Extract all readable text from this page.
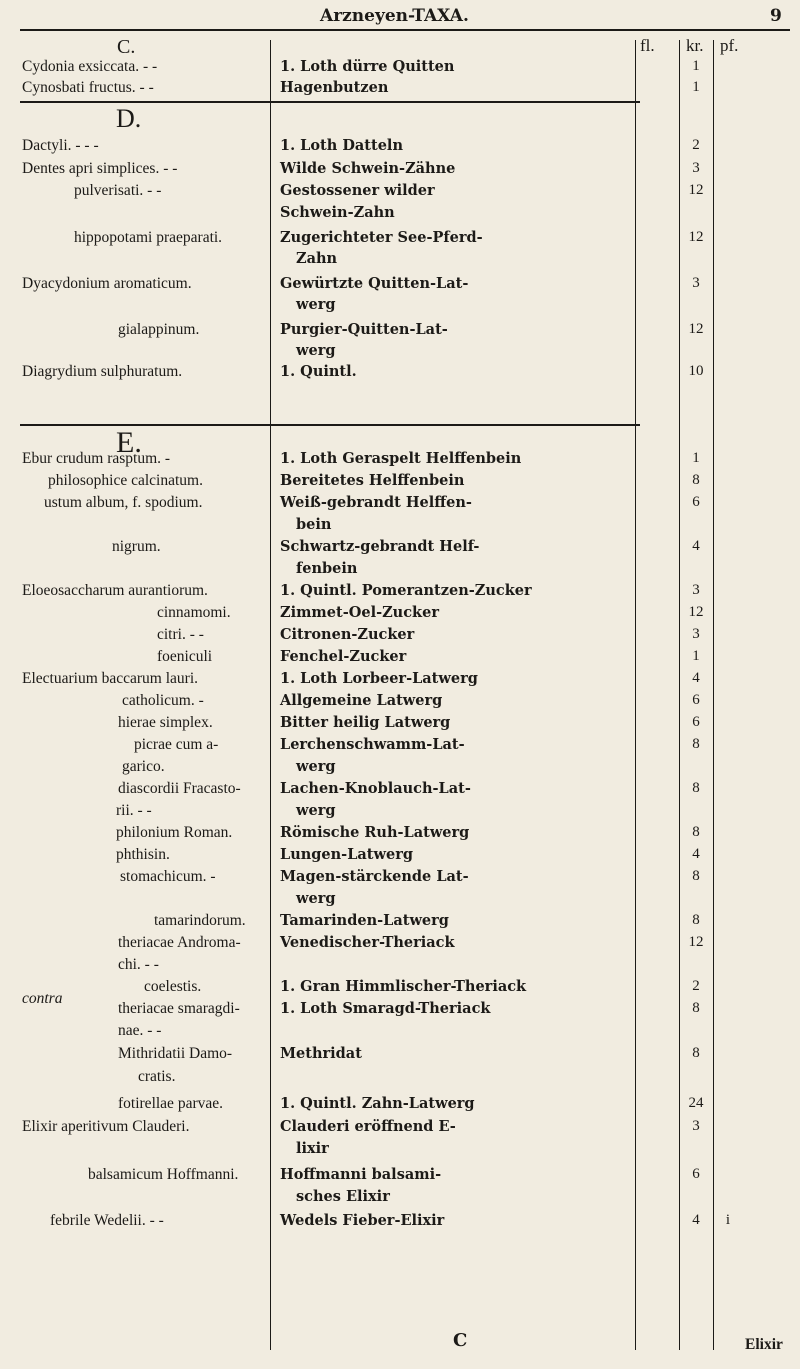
Arzneyen-TAXA.	9
fl. kr. pf.
C.
D.
E.
contra
Cydonia exsiccata. - -	1. Loth dürre Quitten	1
Cynosbati fructus. - -	Hagenbutzen	1
Dactyli. - - -	1. Loth Datteln	2
Dentes apri simplices. - -	Wilde Schwein-Zähne	3
pulverisati. - -	Gestossener wilder	12
Schwein-Zahn
hippopotami praeparati.	Zugerichteter See-Pferd-	12
Zahn
Dyacydonium aromaticum.	Gewürtzte Quitten-Lat-	3
werg
gialappinum.	Purgier-Quitten-Lat-	12
werg
Diagrydium sulphuratum.	1. Quintl.	10
Ebur crudum rasptum. -	1. Loth Geraspelt Helffenbein	1
philosophice calcinatum.	Bereitetes Helffenbein	8
ustum album, f. spodium.	Weiß-gebrandt Helffen-	6
bein
nigrum.	Schwartz-gebrandt Helf-	4
fenbein
Eloeosaccharum aurantiorum.	1. Quintl. Pomerantzen-Zucker	3
cinnamomi.	Zimmet-Oel-Zucker	12
citri. - -	Citronen-Zucker	3
foeniculi	Fenchel-Zucker	1
Electuarium baccarum lauri.	1. Loth Lorbeer-Latwerg	4
catholicum. -	Allgemeine Latwerg	6
hierae simplex.	Bitter heilig Latwerg	6
picrae cum a-	Lerchenschwamm-Lat-	8
garico.	werg
diascordii Fracasto-	Lachen-Knoblauch-Lat-	8
rii. - -	werg
philonium Roman.	Römische Ruh-Latwerg	8
phthisin.	Lungen-Latwerg	4
stomachicum. -	Magen-stärckende Lat-	8
werg
tamarindorum. Tamarinden-Latwerg	8
theriacae Androma-	Venedischer-Theriack	12
chi. - -
coelestis.	1. Gran Himmlischer-Theriack	2
theriacae smaragdi-	1. Loth Smaragd-Theriack	8
nae. - -
Mithridatii Damo-	Methridat	8
cratis.
fotirellae parvae.	1. Quintl. Zahn-Latwerg	24
Elixir aperitivum Clauderi.	Clauderi eröffnend E-	3
lixir
balsamicum Hoffmanni.	Hoffmanni balsami-	6
sches Elixir
febrile Wedelii. - -	Wedels Fieber-Elixir	4	i
C	Elixir
